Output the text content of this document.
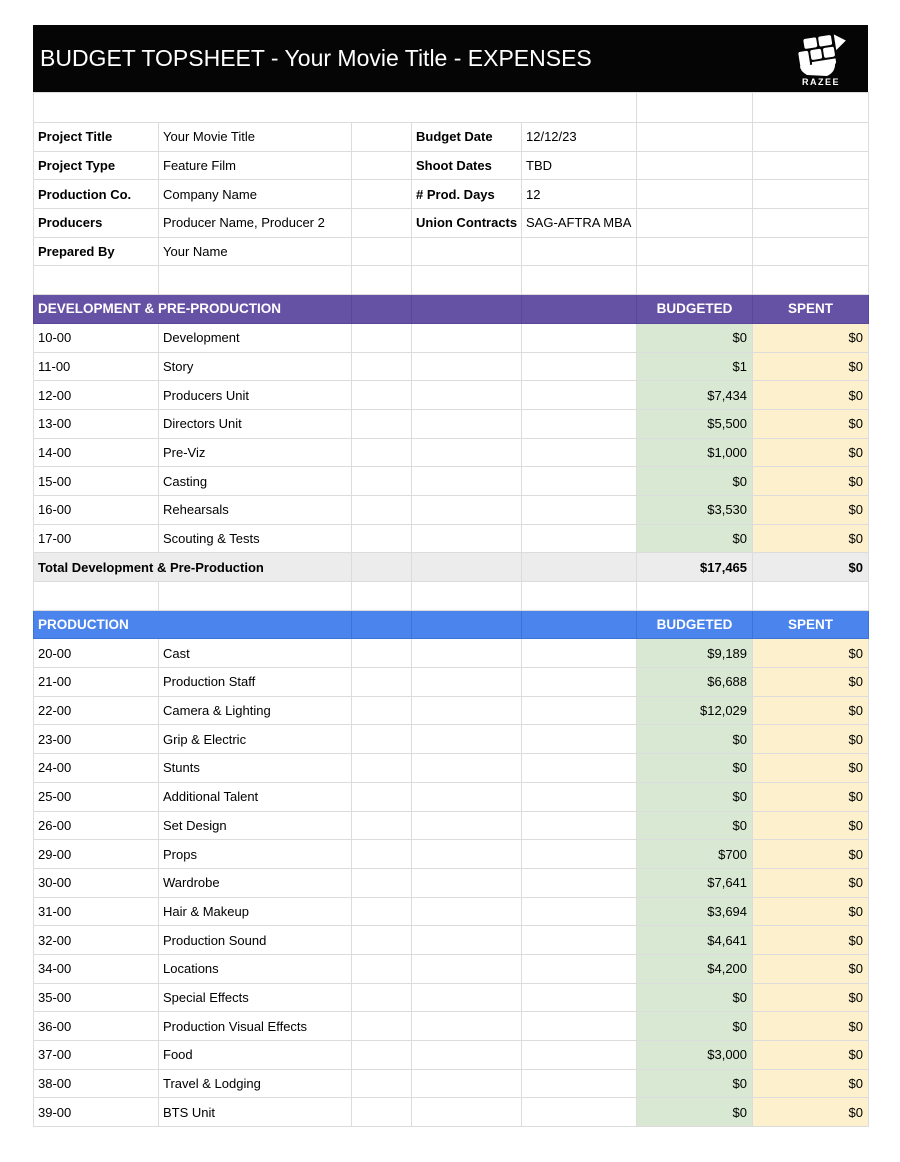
BUDGET TOPSHEET - Your Movie Title - EXPENSES
RAZEE

Project Title	Your Movie Title		Budget Date	12/12/23		
Project Type	Feature Film		Shoot Dates	TBD		
Production Co.	Company Name		# Prod. Days	12		
Producers	Producer Name, Producer 2		Union Contracts	SAG-AFTRA MBA		
Prepared By	Your Name					

DEVELOPMENT & PRE-PRODUCTION					BUDGETED	SPENT
10-00	Development				$0	$0
11-00	Story				$1	$0
12-00	Producers Unit				$7,434	$0
13-00	Directors Unit				$5,500	$0
14-00	Pre-Viz				$1,000	$0
15-00	Casting				$0	$0
16-00	Rehearsals				$3,530	$0
17-00	Scouting & Tests				$0	$0
Total Development & Pre-Production					$17,465	$0

PRODUCTION					BUDGETED	SPENT
20-00	Cast				$9,189	$0
21-00	Production Staff				$6,688	$0
22-00	Camera & Lighting				$12,029	$0
23-00	Grip & Electric				$0	$0
24-00	Stunts				$0	$0
25-00	Additional Talent				$0	$0
26-00	Set Design				$0	$0
29-00	Props				$700	$0
30-00	Wardrobe				$7,641	$0
31-00	Hair & Makeup				$3,694	$0
32-00	Production Sound				$4,641	$0
34-00	Locations				$4,200	$0
35-00	Special Effects				$0	$0
36-00	Production Visual Effects				$0	$0
37-00	Food				$3,000	$0
38-00	Travel & Lodging				$0	$0
39-00	BTS Unit				$0	$0
